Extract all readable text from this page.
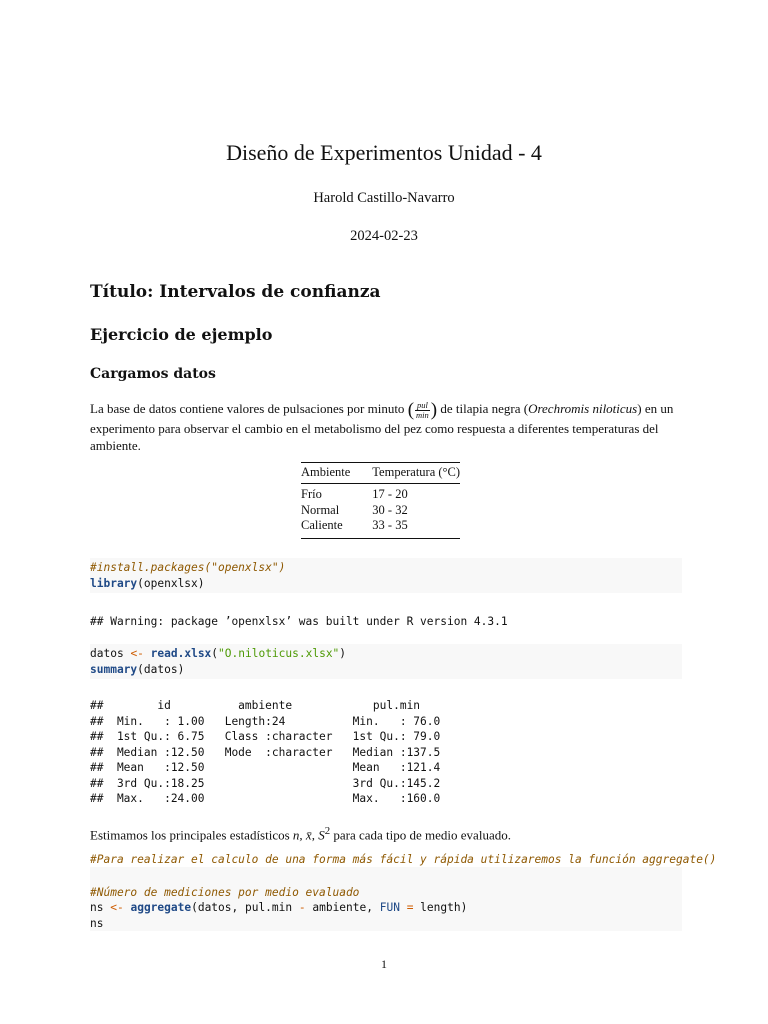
Diseño de Experimentos Unidad - 4
Harold Castillo-Navarro
2024-02-23
Título: Intervalos de confianza
Ejercicio de ejemplo
Cargamos datos
La base de datos contiene valores de pulsaciones por minuto ( $\frac{\text{pul}}{\min}$ ) de tilapia negra (Orechromis niloticus) en un experimento para observar el cambio en el metabolismo del pez como respuesta a diferentes temperaturas del ambiente.
Ambiente	Temperatura (°C)
Frío	17 - 20
Normal	30 - 32
Caliente	33 - 35
#install.packages("openxlsx")
library(openxlsx)
## Warning: package ’openxlsx’ was built under R version 4.3.1
datos <- read.xlsx("O.niloticus.xlsx")
summary(datos)
##        id          ambiente            pul.min
##  Min.   : 1.00   Length:24          Min.   : 76.0
##  1st Qu.: 6.75   Class :character   1st Qu.: 79.0
##  Median :12.50   Mode  :character   Median :137.5
##  Mean   :12.50                      Mean   :121.4
##  3rd Qu.:18.25                      3rd Qu.:145.2
##  Max.   :24.00                      Max.   :160.0
Estimamos los principales estadísticos n, x̄, $S^2$ para cada tipo de medio evaluado.
#Para realizar el calculo de una forma más fácil y rápida utilizaremos la función aggregate()

#Número de mediciones por medio evaluado
ns <- aggregate(datos, pul.min - ambiente, FUN = length)
ns
1
